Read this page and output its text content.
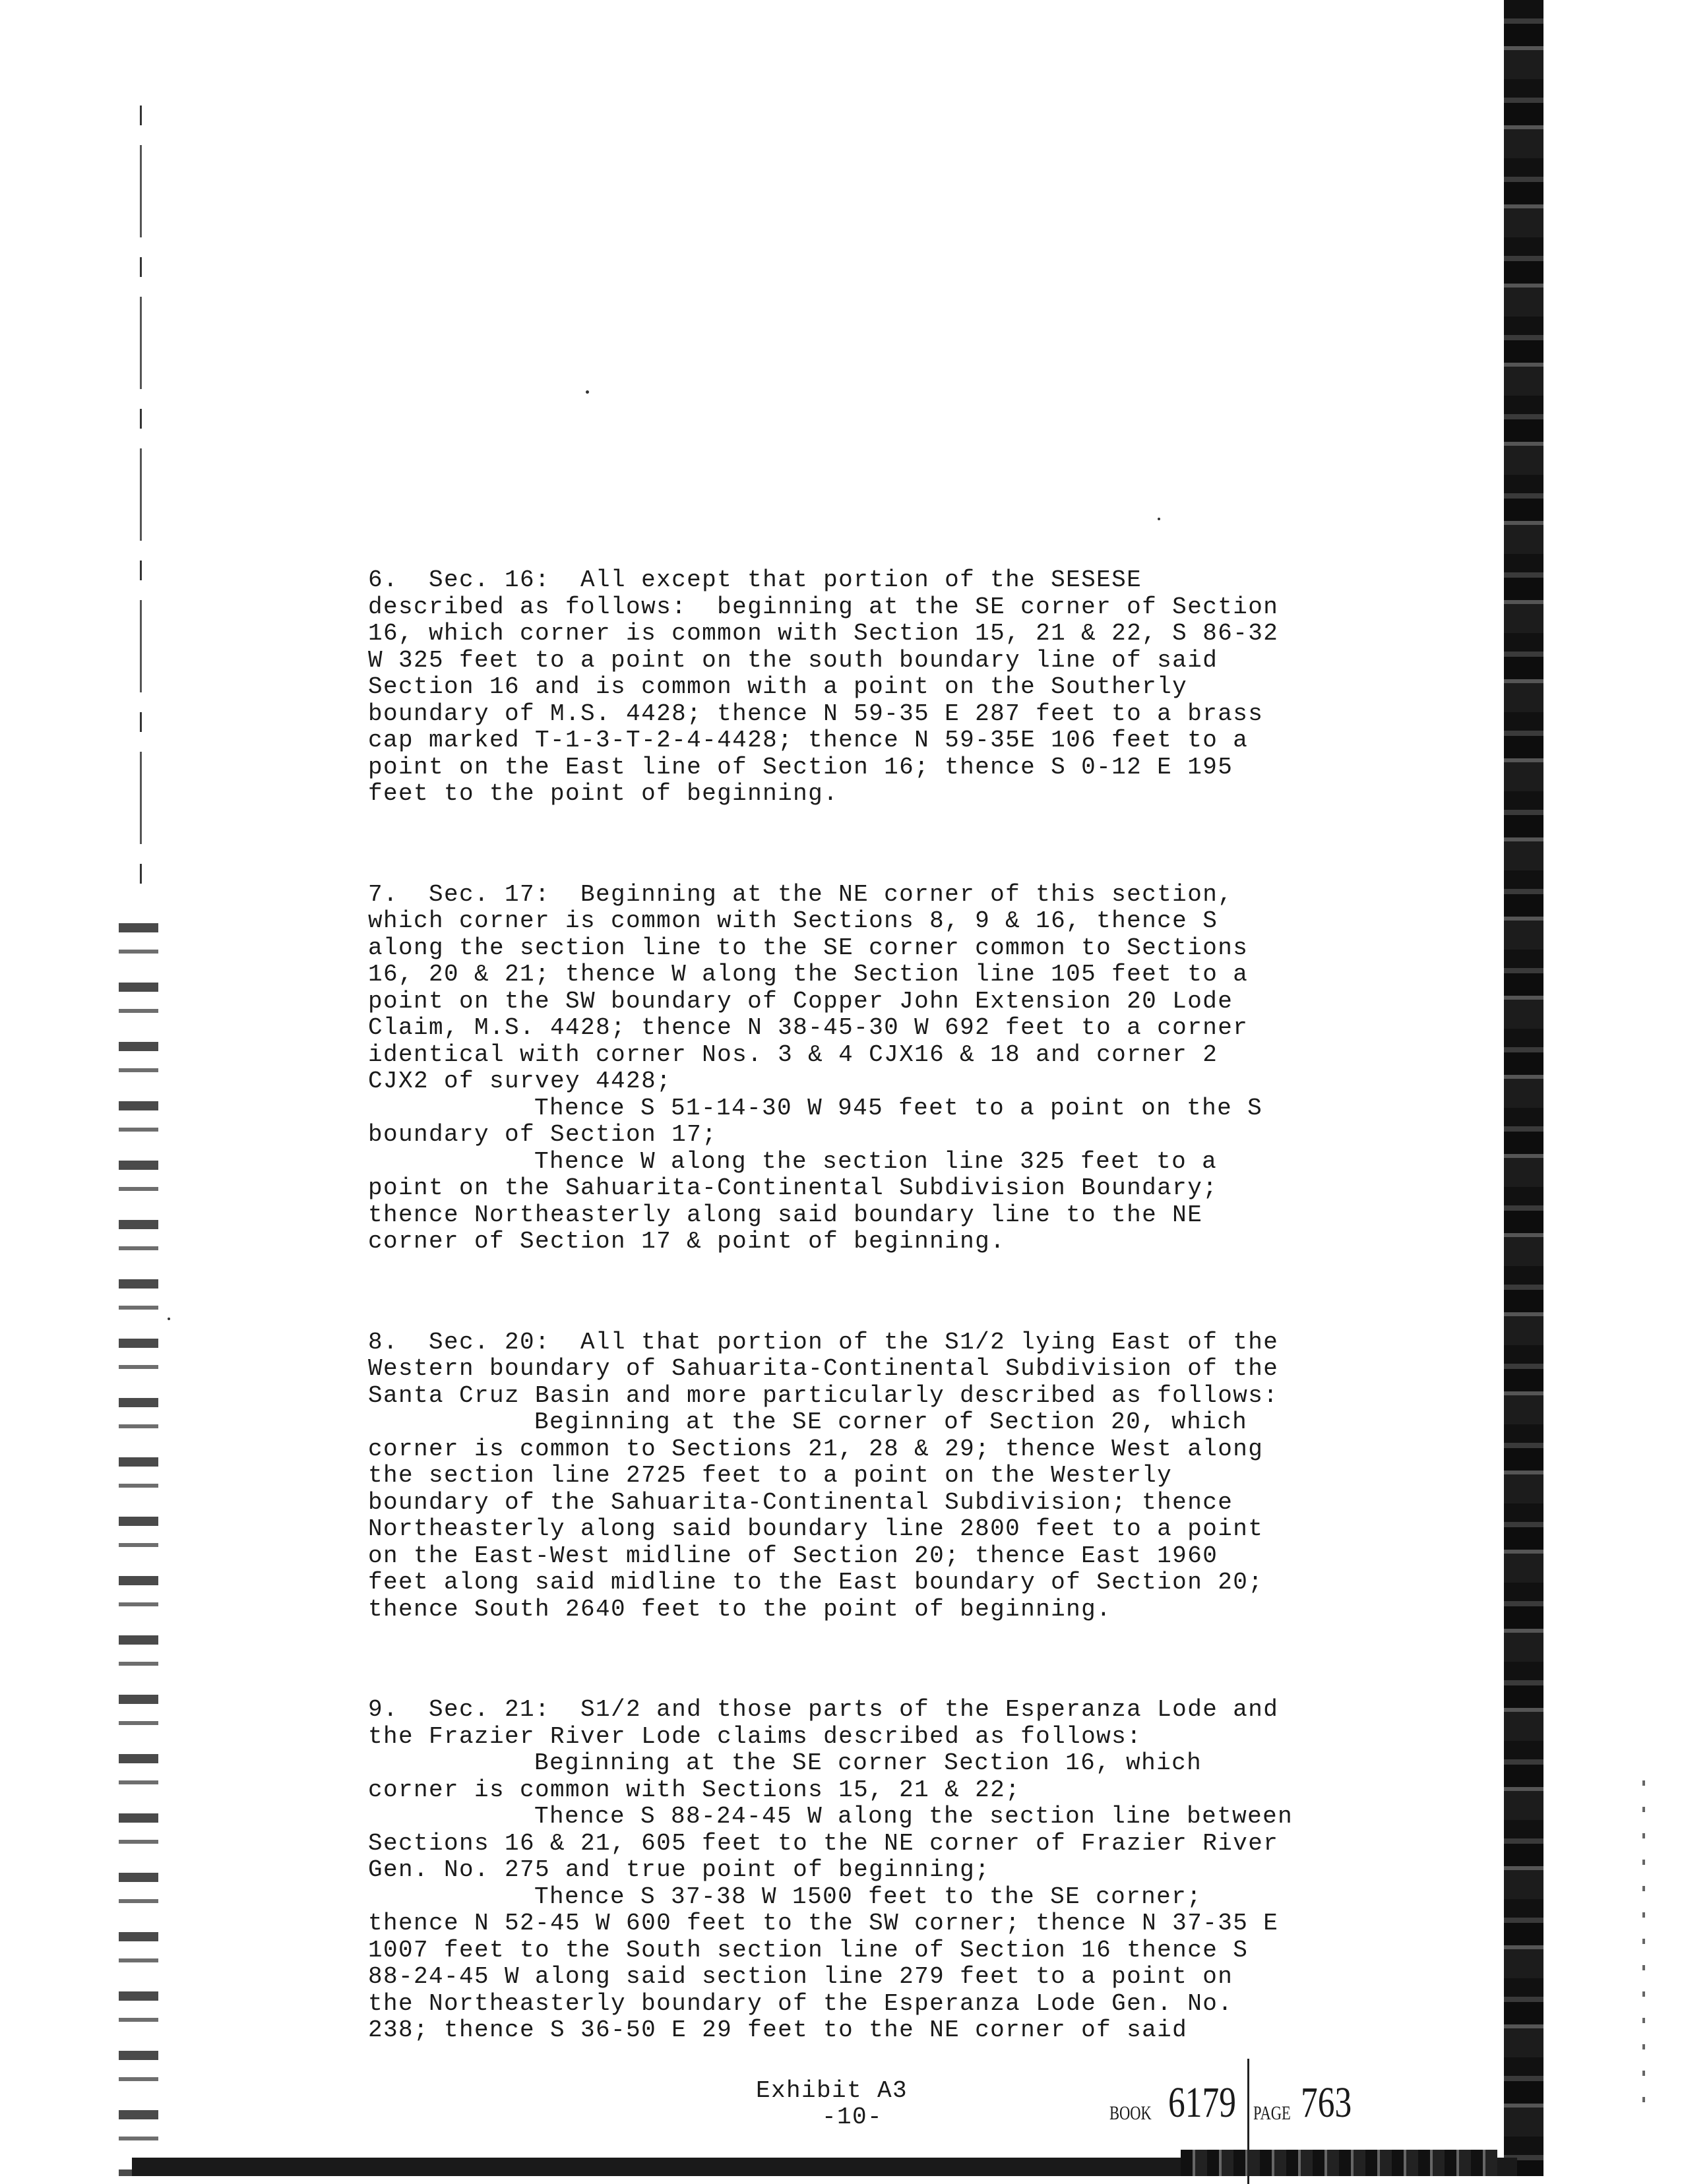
6.  Sec. 16:  All except that portion of the SESESE
described as follows:  beginning at the SE corner of Section
16, which corner is common with Section 15, 21 & 22, S 86-32
W 325 feet to a point on the south boundary line of said
Section 16 and is common with a point on the Southerly
boundary of M.S. 4428; thence N 59-35 E 287 feet to a brass
cap marked T-1-3-T-2-4-4428; thence N 59-35E 106 feet to a
point on the East line of Section 16; thence S 0-12 E 195
feet to the point of beginning.
7.  Sec. 17:  Beginning at the NE corner of this section,
which corner is common with Sections 8, 9 & 16, thence S
along the section line to the SE corner common to Sections
16, 20 & 21; thence W along the Section line 105 feet to a
point on the SW boundary of Copper John Extension 20 Lode
Claim, M.S. 4428; thence N 38-45-30 W 692 feet to a corner
identical with corner Nos. 3 & 4 CJX16 & 18 and corner 2
CJX2 of survey 4428;
Thence S 51-14-30 W 945 feet to a point on the S
boundary of Section 17;
Thence W along the section line 325 feet to a
point on the Sahuarita-Continental Subdivision Boundary;
thence Northeasterly along said boundary line to the NE
corner of Section 17 & point of beginning.
8.  Sec. 20:  All that portion of the S1/2 lying East of the
Western boundary of Sahuarita-Continental Subdivision of the
Santa Cruz Basin and more particularly described as follows:
Beginning at the SE corner of Section 20, which
corner is common to Sections 21, 28 & 29; thence West along
the section line 2725 feet to a point on the Westerly
boundary of the Sahuarita-Continental Subdivision; thence
Northeasterly along said boundary line 2800 feet to a point
on the East-West midline of Section 20; thence East 1960
feet along said midline to the East boundary of Section 20;
thence South 2640 feet to the point of beginning.
9.  Sec. 21:  S1/2 and those parts of the Esperanza Lode and
the Frazier River Lode claims described as follows:
Beginning at the SE corner Section 16, which
corner is common with Sections 15, 21 & 22;
Thence S 88-24-45 W along the section line between
Sections 16 & 21, 605 feet to the NE corner of Frazier River
Gen. No. 275 and true point of beginning;
Thence S 37-38 W 1500 feet to the SE corner;
thence N 52-45 W 600 feet to the SW corner; thence N 37-35 E
1007 feet to the South section line of Section 16 thence S
88-24-45 W along said section line 279 feet to a point on
the Northeasterly boundary of the Esperanza Lode Gen. No.
238; thence S 36-50 E 29 feet to the NE corner of said
Exhibit A3
-10-	BOOK 6179 PAGE 763
